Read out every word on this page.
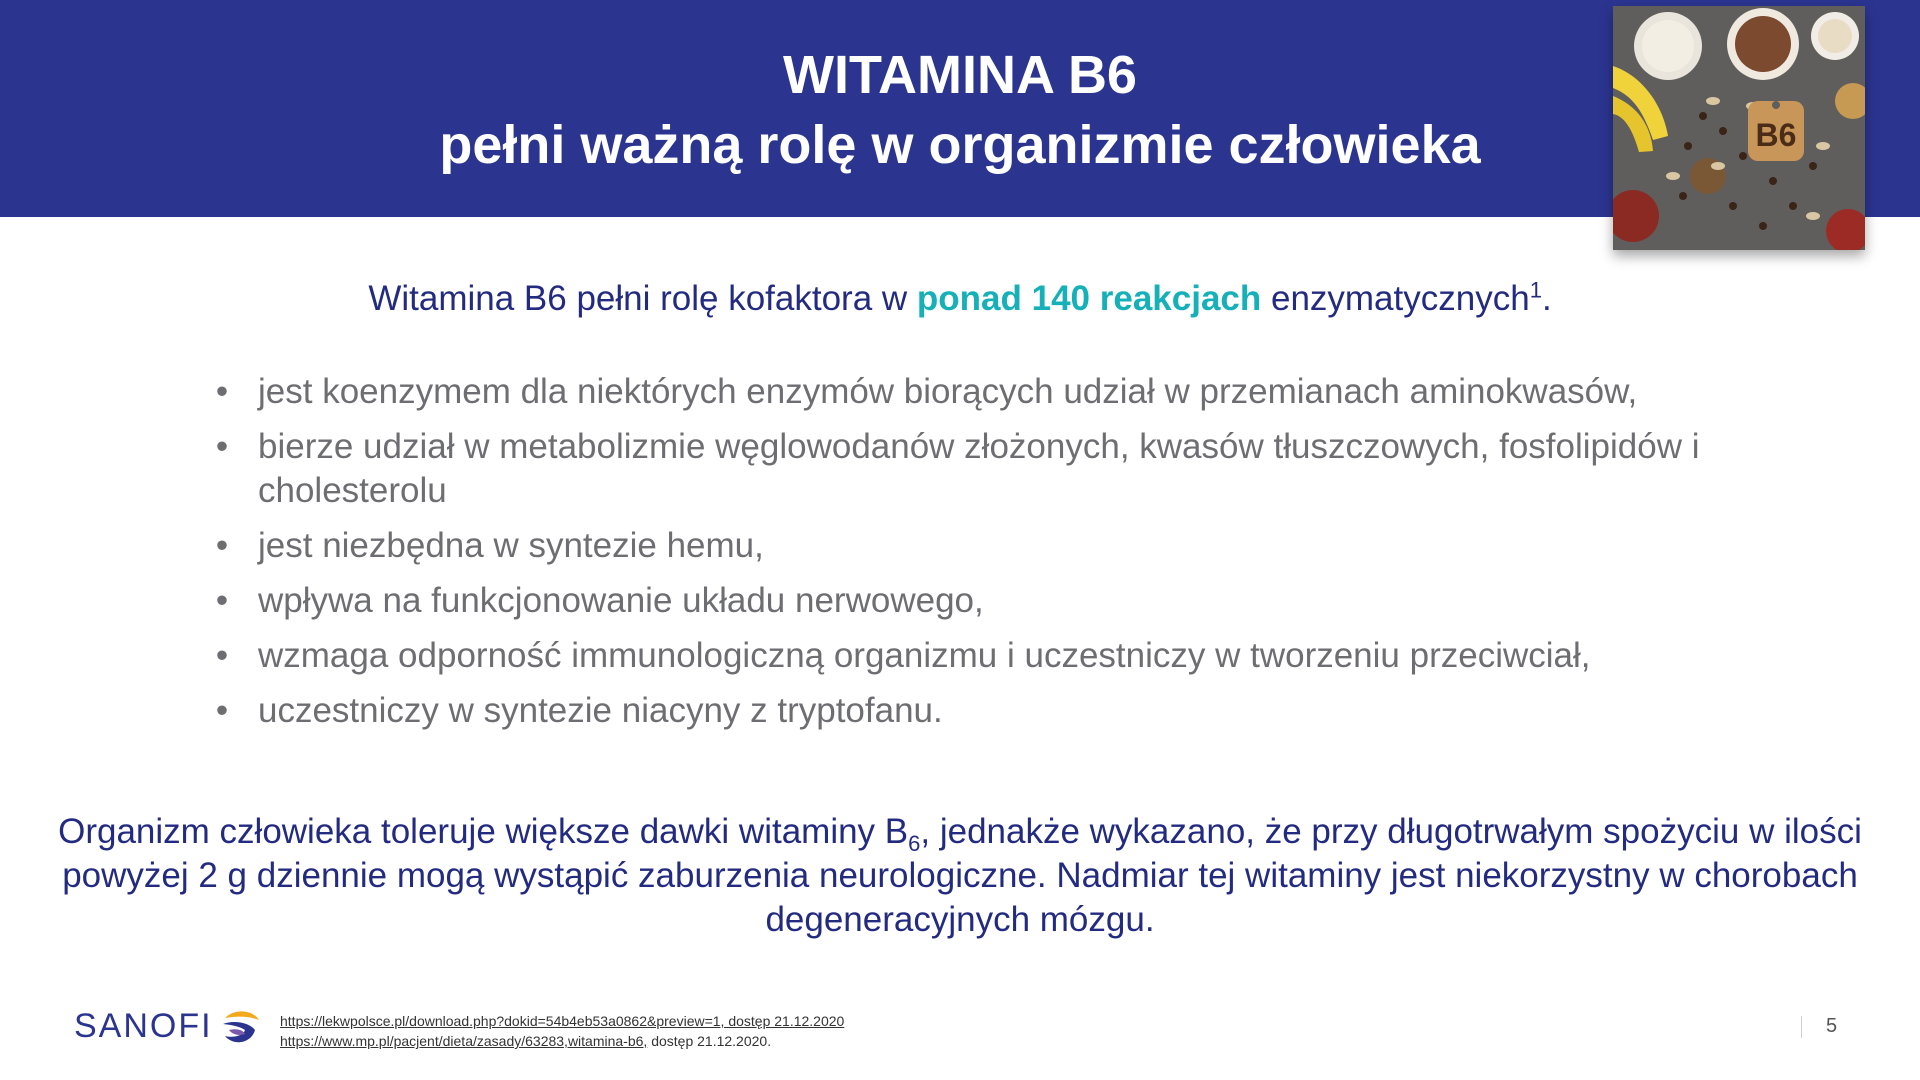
WITAMINA B6
pełni ważną rolę w organizmie człowieka	B6
Witamina B6 pełni rolę kofaktora w ponad 140 reakcjach enzymatycznych$^1$.
• jest koenzymem dla niektórych enzymów biorących udział w przemianach aminokwasów,
• bierze udział w metabolizmie węglowodanów złożonych, kwasów tłuszczowych, fosfolipidów i cholesterolu
• jest niezbędna w syntezie hemu,
• wpływa na funkcjonowanie układu nerwowego,
• wzmaga odporność immunologiczną organizmu i uczestniczy w tworzeniu przeciwciał,
• uczestniczy w syntezie niacyny z tryptofanu.
Organizm człowieka toleruje większe dawki witaminy $B_6$, jednakże wykazano, że przy długotrwałym spożyciu w ilości powyżej 2 g dziennie mogą wystąpić zaburzenia neurologiczne. Nadmiar tej witaminy jest niekorzystny w chorobach degeneracyjnych mózgu.
SANOFI	https://lekwpolsce.pl/download.php?dokid=54b4eb53a0862&preview=1, dostęp 21.12.2020
https://www.mp.pl/pacjent/dieta/zasady/63283,witamina-b6, dostęp 21.12.2020.
5
